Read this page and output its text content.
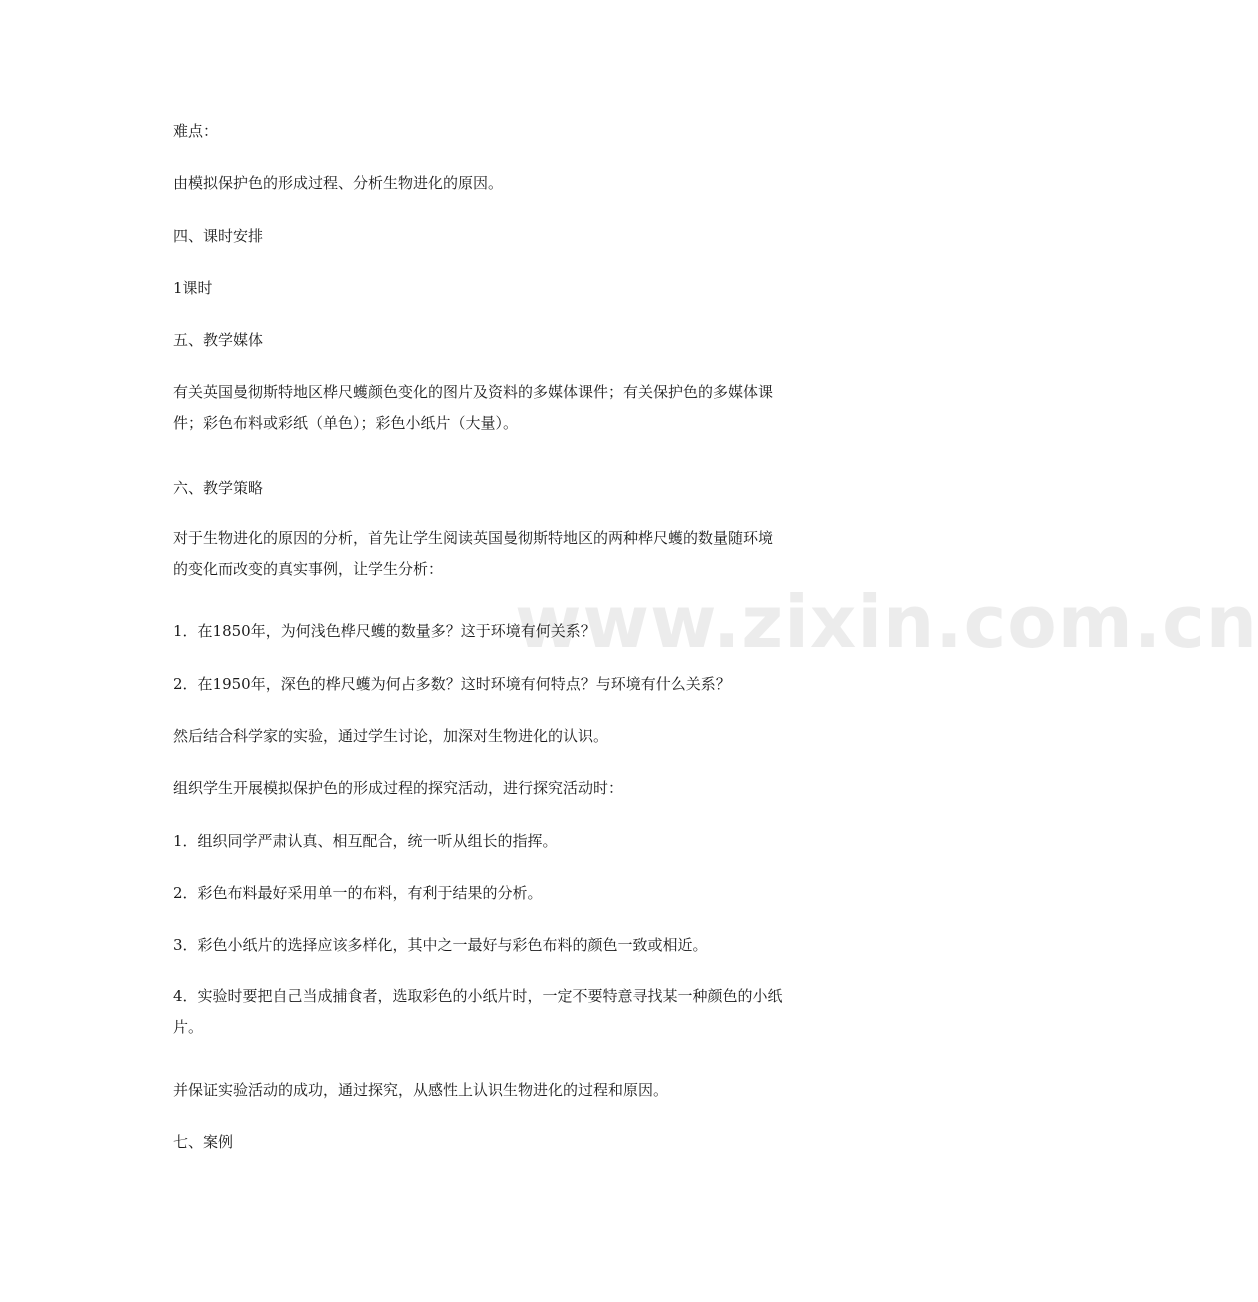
www.zixin.com.cn
难点：
由模拟保护色的形成过程、分析生物进化的原因。
四、课时安排
1课时
五、教学媒体
有关英国曼彻斯特地区桦尺蠖颜色变化的图片及资料的多媒体课件；有关保护色的多媒体课件；彩色布料或彩纸（单色）；彩色小纸片（大量）。
六、教学策略
对于生物进化的原因的分析，首先让学生阅读英国曼彻斯特地区的两种桦尺蠖的数量随环境的变化而改变的真实事例，让学生分析：
1．在1850年，为何浅色桦尺蠖的数量多？这于环境有何关系？
2．在1950年，深色的桦尺蠖为何占多数？这时环境有何特点？与环境有什么关系？
然后结合科学家的实验，通过学生讨论，加深对生物进化的认识。
组织学生开展模拟保护色的形成过程的探究活动，进行探究活动时：
1．组织同学严肃认真、相互配合，统一听从组长的指挥。
2．彩色布料最好采用单一的布料，有利于结果的分析。
3．彩色小纸片的选择应该多样化，其中之一最好与彩色布料的颜色一致或相近。
4．实验时要把自己当成捕食者，选取彩色的小纸片时，一定不要特意寻找某一种颜色的小纸片。
并保证实验活动的成功，通过探究，从感性上认识生物进化的过程和原因。
七、案例
